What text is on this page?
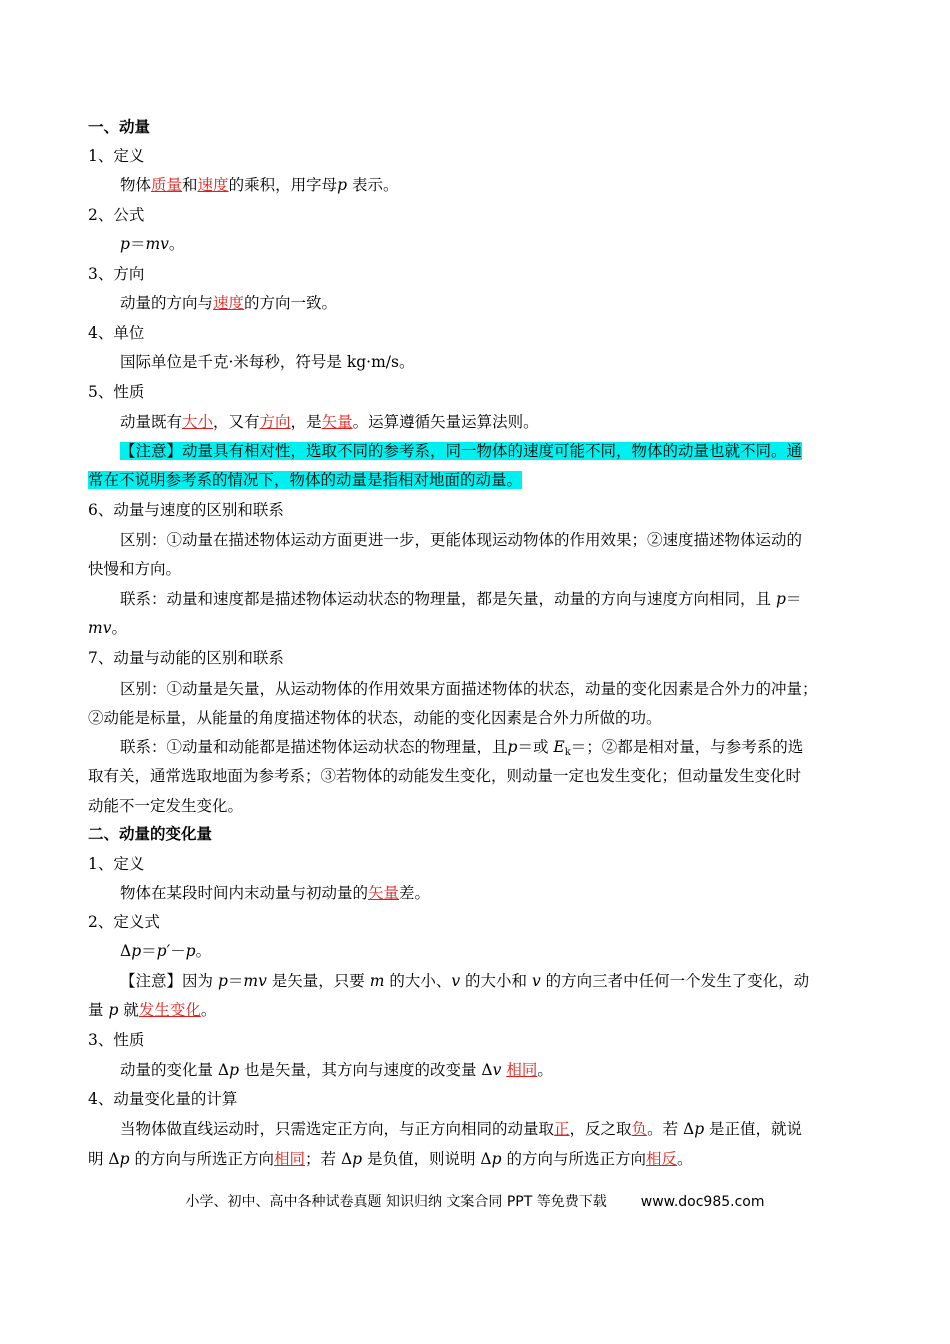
一、动量
1、定义
物体质量和速度的乘积，用字母p 表示。
2、公式
p＝mv。
3、方向
动量的方向与速度的方向一致。
4、单位
国际单位是千克·米每秒，符号是 kg·m/s。
5、性质
动量既有大小，又有方向，是矢量。运算遵循矢量运算法则。
【注意】动量具有相对性，选取不同的参考系，同一物体的速度可能不同，物体的动量也就不同。通
常在不说明参考系的情况下，物体的动量是指相对地面的动量。
6、动量与速度的区别和联系
区别：①动量在描述物体运动方面更进一步，更能体现运动物体的作用效果；②速度描述物体运动的
快慢和方向。
联系：动量和速度都是描述物体运动状态的物理量，都是矢量，动量的方向与速度方向相同，且 p＝
mv。
7、动量与动能的区别和联系
区别：①动量是矢量，从运动物体的作用效果方面描述物体的状态，动量的变化因素是合外力的冲量；
②动能是标量，从能量的角度描述物体的状态，动能的变化因素是合外力所做的功。
联系：①动量和动能都是描述物体运动状态的物理量，且p＝或 $E_k=$；②都是相对量，与参考系的选
取有关，通常选取地面为参考系；③若物体的动能发生变化，则动量一定也发生变化；但动量发生变化时
动能不一定发生变化。
二、动量的变化量
1、定义
物体在某段时间内末动量与初动量的矢量差。
2、定义式
Δp＝p′－p。
【注意】因为 p＝mv 是矢量，只要 m 的大小、v 的大小和 v 的方向三者中任何一个发生了变化，动
量 p 就发生变化。
3、性质
动量的变化量 Δp 也是矢量，其方向与速度的改变量 Δv 相同。
4、动量变化量的计算
当物体做直线运动时，只需选定正方向，与正方向相同的动量取正，反之取负。若 Δp 是正值，就说
明 Δp 的方向与所选正方向相同；若 Δp 是负值，则说明 Δp 的方向与所选正方向相反。
小学、初中、高中各种试卷真题 知识归纳 文案合同 PPT 等免费下载 www.doc985.com
